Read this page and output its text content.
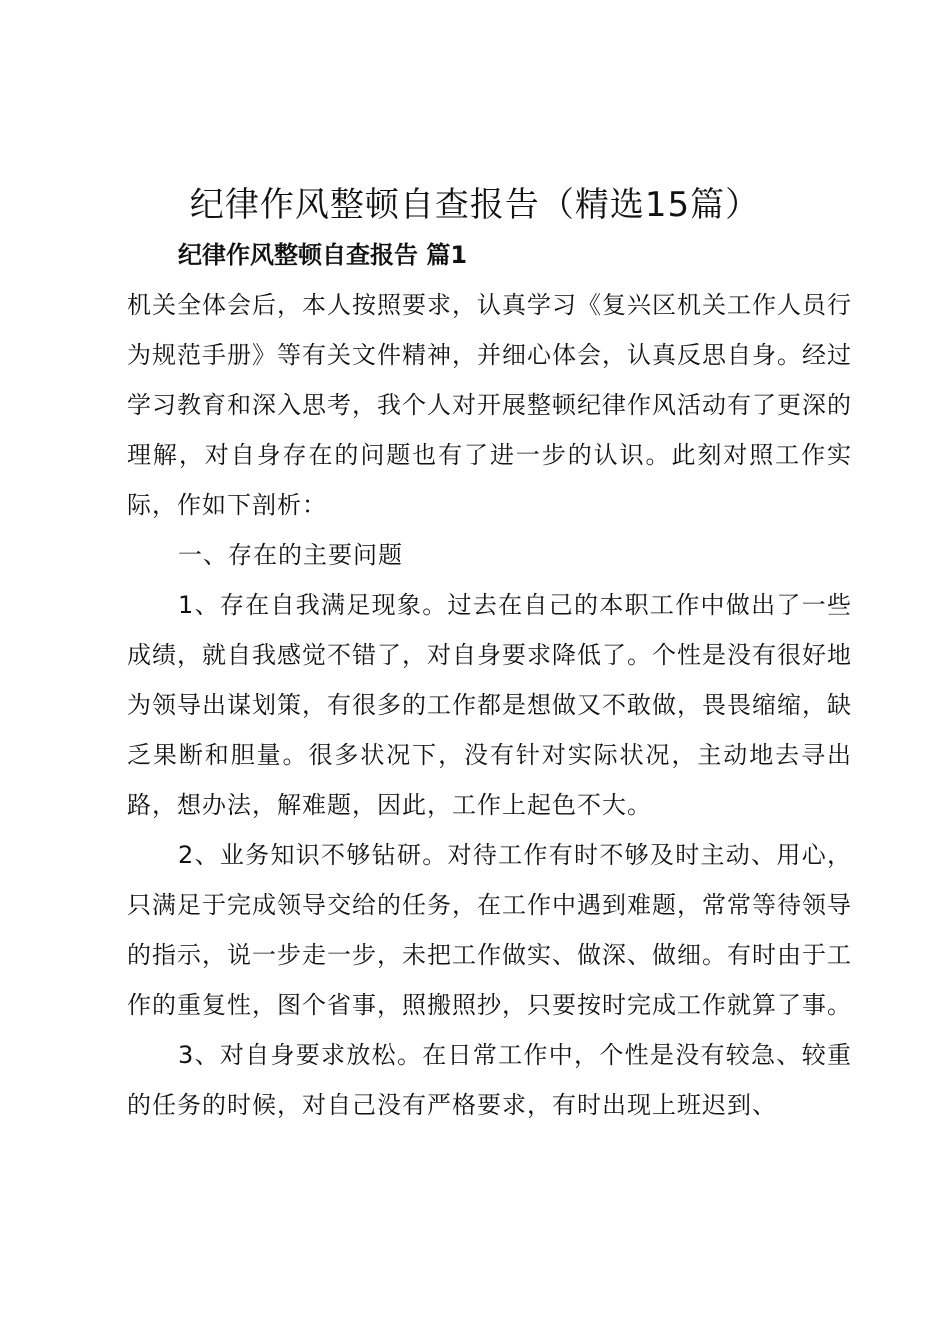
纪律作风整顿自查报告（精选15篇）
纪律作风整顿自查报告 篇1

机关全体会后，本人按照要求，认真学习《复兴区机关工作人员行为规范手册》等有关文件精神，并细心体会，认真反思自身。经过学习教育和深入思考，我个人对开展整顿纪律作风活动有了更深的理解，对自身存在的问题也有了进一步的认识。此刻对照工作实际，作如下剖析：

一、存在的主要问题

1、存在自我满足现象。过去在自己的本职工作中做出了一些成绩，就自我感觉不错了，对自身要求降低了。个性是没有很好地为领导出谋划策，有很多的工作都是想做又不敢做，畏畏缩缩，缺乏果断和胆量。很多状况下，没有针对实际状况，主动地去寻出路，想办法，解难题，因此，工作上起色不大。

2、业务知识不够钻研。对待工作有时不够及时主动、用心，只满足于完成领导交给的任务，在工作中遇到难题，常常等待领导的指示，说一步走一步，未把工作做实、做深、做细。有时由于工作的重复性，图个省事，照搬照抄，只要按时完成工作就算了事。

3、对自身要求放松。在日常工作中，个性是没有较急、较重的任务的时候，对自己没有严格要求，有时出现上班迟到、
